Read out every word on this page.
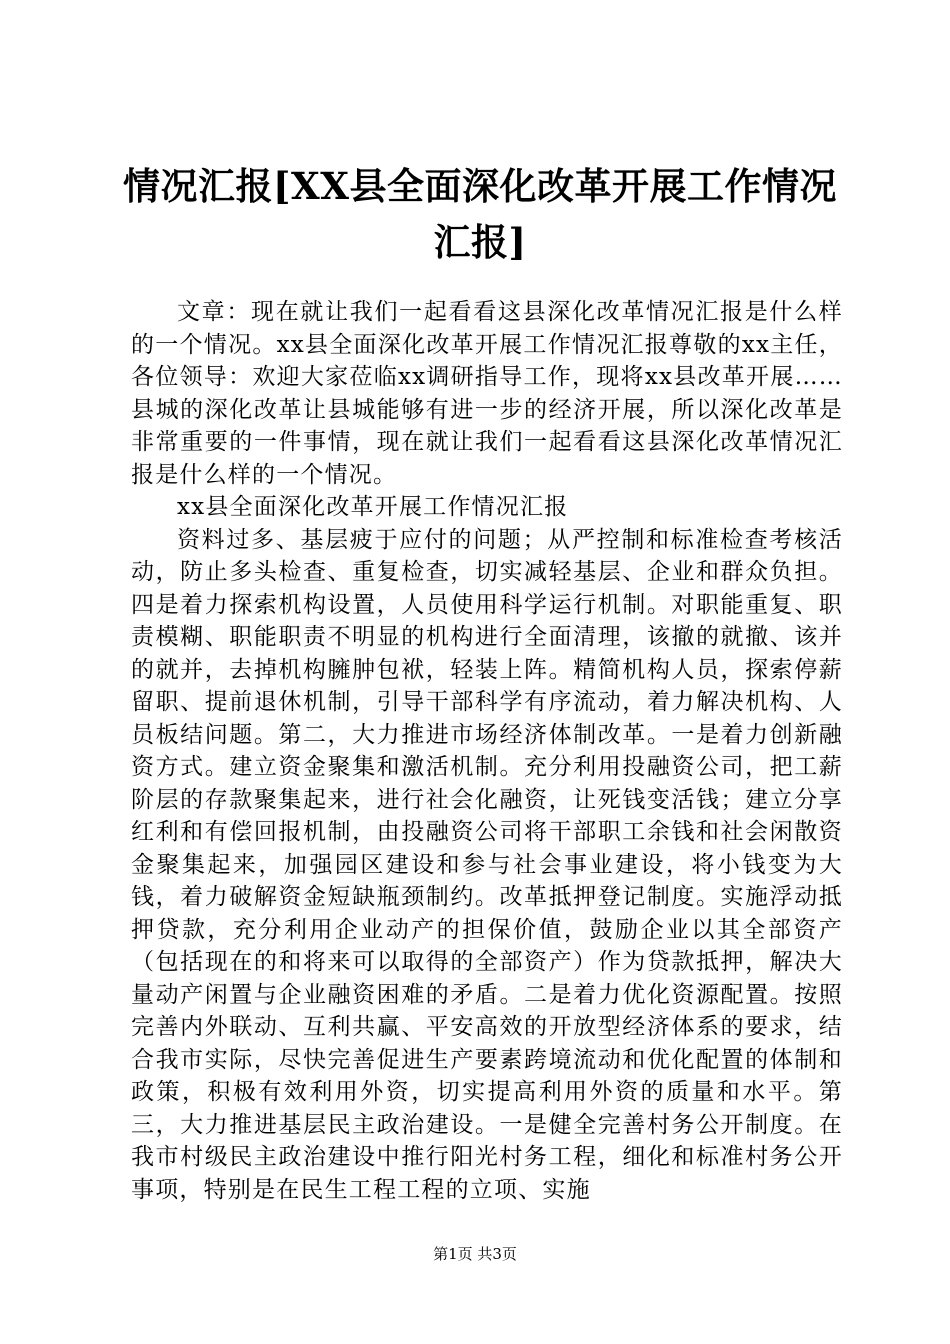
情况汇报[XX县全面深化改革开展工作情况汇报]

文章：现在就让我们一起看看这县深化改革情况汇报是什么样的一个情况。xx县全面深化改革开展工作情况汇报尊敬的xx主任，各位领导：欢迎大家莅临xx调研指导工作，现将xx县改革开展……县城的深化改革让县城能够有进一步的经济开展，所以深化改革是非常重要的一件事情，现在就让我们一起看看这县深化改革情况汇报是什么样的一个情况。

xx县全面深化改革开展工作情况汇报

资料过多、基层疲于应付的问题；从严控制和标准检查考核活动，防止多头检查、重复检查，切实减轻基层、企业和群众负担。四是着力探索机构设置，人员使用科学运行机制。对职能重复、职责模糊、职能职责不明显的机构进行全面清理，该撤的就撤、该并的就并，去掉机构臃肿包袱，轻装上阵。精简机构人员，探索停薪留职、提前退休机制，引导干部科学有序流动，着力解决机构、人员板结问题。第二，大力推进市场经济体制改革。一是着力创新融资方式。建立资金聚集和激活机制。充分利用投融资公司，把工薪阶层的存款聚集起来，进行社会化融资，让死钱变活钱；建立分享红利和有偿回报机制，由投融资公司将干部职工余钱和社会闲散资金聚集起来，加强园区建设和参与社会事业建设，将小钱变为大钱，着力破解资金短缺瓶颈制约。改革抵押登记制度。实施浮动抵押贷款，充分利用企业动产的担保价值，鼓励企业以其全部资产（包括现在的和将来可以取得的全部资产）作为贷款抵押，解决大量动产闲置与企业融资困难的矛盾。二是着力优化资源配置。按照完善内外联动、互利共赢、平安高效的开放型经济体系的要求，结合我市实际，尽快完善促进生产要素跨境流动和优化配置的体制和政策，积极有效利用外资，切实提高利用外资的质量和水平。第三，大力推进基层民主政治建设。一是健全完善村务公开制度。在我市村级民主政治建设中推行阳光村务工程，细化和标准村务公开事项，特别是在民生工程工程的立项、实施

第1页 共3页
